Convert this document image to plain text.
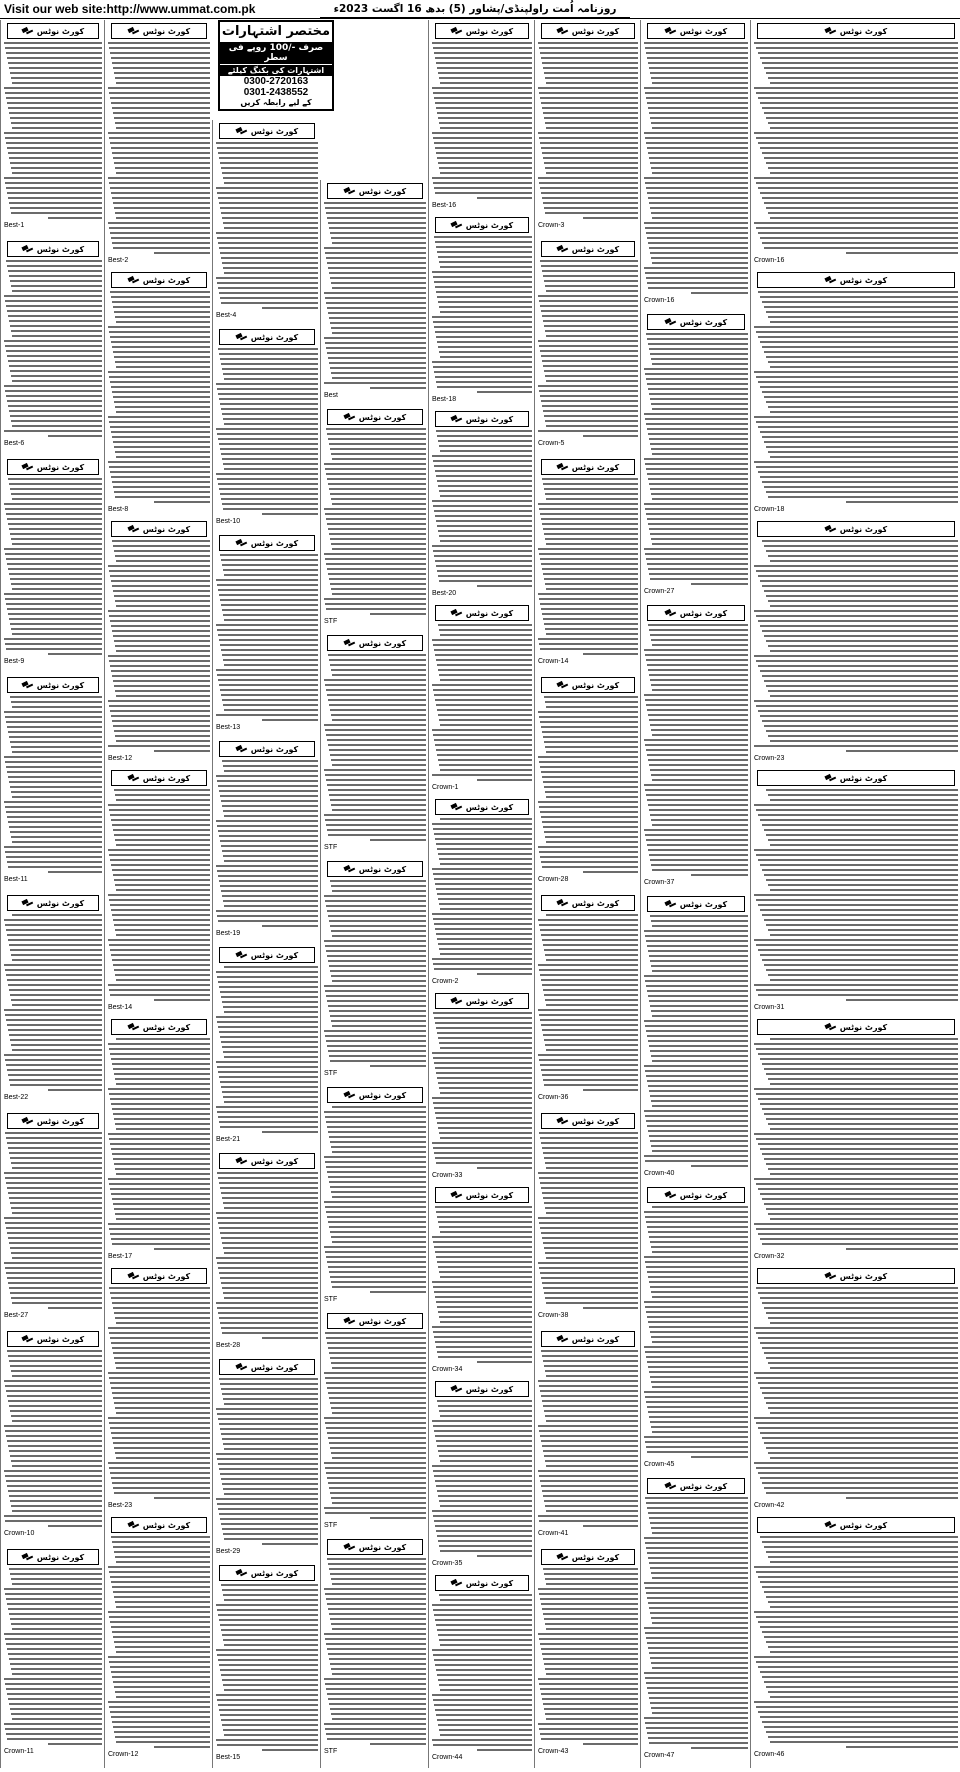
Visit our web site:http://www.ummat.com.pk	روزنامہ اُمت راولپنڈی/پشاور (5) بدھ 16 اگست 2023ء
کورٹ نوٹس
Best-1
کورٹ نوٹس
Best-6
کورٹ نوٹس
Best-9
کورٹ نوٹس
Best-11
کورٹ نوٹس
Best-22
کورٹ نوٹس
Best-27
کورٹ نوٹس
Crown-10
کورٹ نوٹس
Crown-11
کورٹ نوٹس
Best-2
کورٹ نوٹس
Best-8
کورٹ نوٹس
Best-12
کورٹ نوٹس
Best-14
کورٹ نوٹس
Best-17
کورٹ نوٹس
Best-23
کورٹ نوٹس
Crown-12
کورٹ نوٹس
Best-4
کورٹ نوٹس
Best-10
کورٹ نوٹس
Best-13
کورٹ نوٹس
Best-19
کورٹ نوٹس
Best-21
کورٹ نوٹس
Best-28
کورٹ نوٹس
Best-29
کورٹ نوٹس
Best-15
کورٹ نوٹس
Best
کورٹ نوٹس
STF
کورٹ نوٹس
STF
کورٹ نوٹس
STF
کورٹ نوٹس
STF
کورٹ نوٹس
STF
کورٹ نوٹس
STF
کورٹ نوٹس
Best-16
کورٹ نوٹس
Best-18
کورٹ نوٹس
Best-20
کورٹ نوٹس
Crown-1
کورٹ نوٹس
Crown-2
کورٹ نوٹس
Crown-33
کورٹ نوٹس
Crown-34
کورٹ نوٹس
Crown-35
کورٹ نوٹس
Crown-44
کورٹ نوٹس
Crown-3
کورٹ نوٹس
Crown-5
کورٹ نوٹس
Crown-14
کورٹ نوٹس
Crown-28
کورٹ نوٹس
Crown-36
کورٹ نوٹس
Crown-38
کورٹ نوٹس
Crown-41
کورٹ نوٹس
Crown-43
کورٹ نوٹس
Crown-16
کورٹ نوٹس
Crown-27
کورٹ نوٹس
Crown-37
کورٹ نوٹس
Crown-40
کورٹ نوٹس
Crown-45
کورٹ نوٹس
Crown-47
کورٹ نوٹس
Crown-16
کورٹ نوٹس
Crown-18
کورٹ نوٹس
Crown-23
کورٹ نوٹس
Crown-31
کورٹ نوٹس
Crown-32
کورٹ نوٹس
Crown-42
کورٹ نوٹس
Crown-46
مختصر اشتہارات
صرف -/100 روپے فی سطر
اشتہارات کی بکنگ کیلئے
0300-2720163
0301-2438552
کے لیے رابطہ کریں
